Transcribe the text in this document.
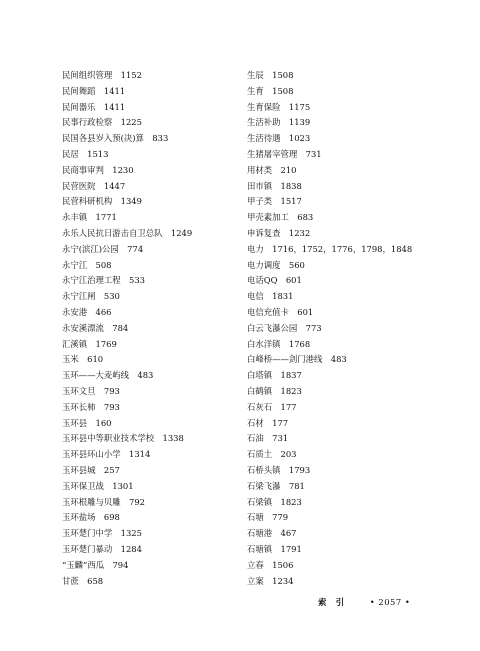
民间组织管理　1152
民间舞蹈　1411
民间器乐　1411
民事行政检察　1225
民国各县岁入预(决)算　833
民居　1513
民商事审判　1230
民营医院　1447
民营科研机构　1349
永丰镇　1771
永乐人民抗日游击自卫总队　1249
永宁(滨江)公园　774
永宁江　508
永宁江治理工程　533
永宁江闸　530
永安港　466
永安溪漂流　784
汇溪镇　1769
玉米　610
玉环——大麦屿线　483
玉环文旦　793
玉环长柿　793
玉环县　160
玉环县中等职业技术学校　1338
玉环县环山小学　1314
玉环县城　257
玉环保卫战　1301
玉环根雕与贝雕　792
玉环盐场　698
玉环楚门中学　1325
玉环楚门暴动　1284
“玉麟”西瓜　794
甘蔗　658
生辰　1508
生育　1508
生育保险　1175
生活补助　1139
生活待遇　1023
生猪屠宰管理　731
用材类　210
田市镇　1838
甲子类　1517
甲壳素加工　683
申诉复查　1232
电力　1716，1752，1776，1798，1848
电力调度　560
电话QQ　601
电信　1831
电信充值卡　601
白云飞瀑公园　773
白水洋镇　1768
白峰桥——剑门港线　483
白塔镇　1837
白鹤镇　1823
石灰石　177
石材　177
石油　731
石质土　203
石桥头镇　1793
石梁飞瀑　781
石梁镇　1823
石塘　779
石塘港　467
石塘镇　1791
立春　1506
立案　1234
索　引	• 2057 •
